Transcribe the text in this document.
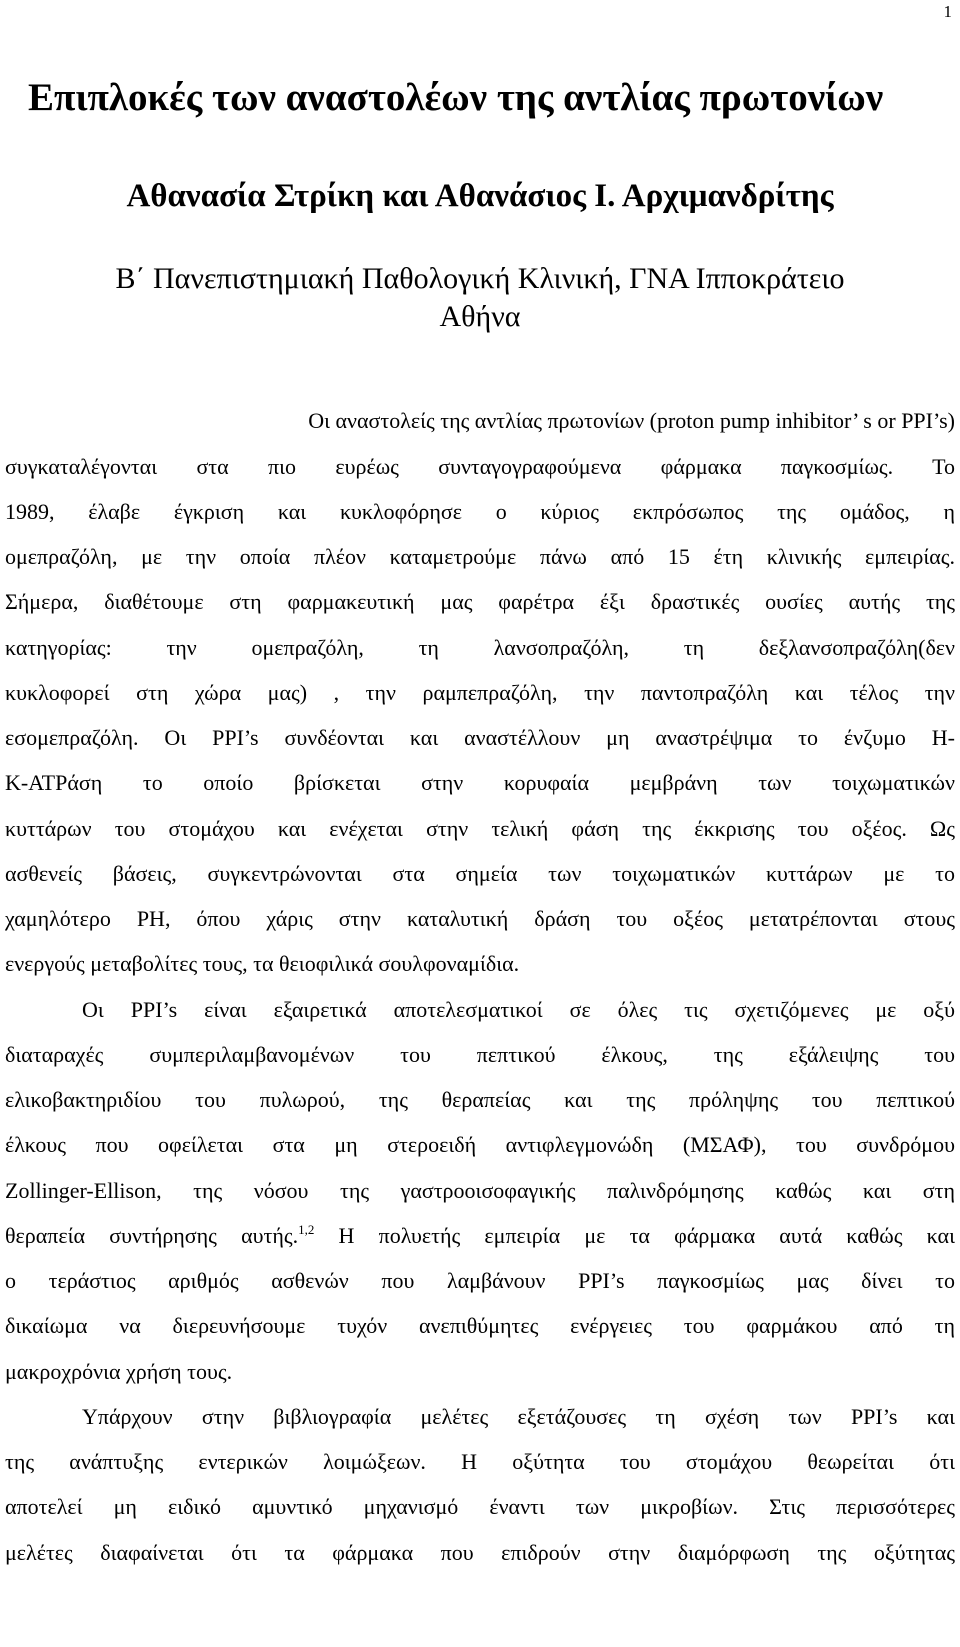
1
Επιπλοκές των αναστολέων της αντλίας πρωτονίων
Αθανασία Στρίκη και Αθανάσιος Ι. Αρχιμανδρίτης
Β΄ Πανεπιστημιακή Παθολογική Κλινική, ΓΝΑ Ιπποκράτειο
Αθήνα
Οι αναστολείς της αντλίας πρωτονίων (proton pump inhibitor’ s or PPI’s)
συγκαταλέγονται στα πιο ευρέως συνταγογραφούμενα φάρμακα παγκοσμίως. Το
1989, έλαβε έγκριση και κυκλοφόρησε ο κύριος εκπρόσωπος της ομάδος, η
ομεπραζόλη, με την οποία πλέον καταμετρούμε πάνω από 15 έτη κλινικής εμπειρίας.
Σήμερα, διαθέτουμε στη φαρμακευτική μας φαρέτρα έξι δραστικές ουσίες αυτής της
κατηγορίας: την ομεπραζόλη, τη λανσοπραζόλη, τη δεξλανσοπραζόλη(δεν
κυκλοφορεί στη χώρα μας) , την ραμπεπραζόλη, την παντοπραζόλη και τέλος την
εσομεπραζόλη. Οι PPI’s συνδέονται και αναστέλλουν μη αναστρέψιμα το ένζυμο Η-
Κ-ΑΤΡάση το οποίο βρίσκεται στην κορυφαία μεμβράνη των τοιχωματικών
κυττάρων του στομάχου και ενέχεται στην τελική φάση της έκκρισης του οξέος. Ως
ασθενείς βάσεις, συγκεντρώνονται στα σημεία των τοιχωματικών κυττάρων με το
χαμηλότερο PH, όπου χάρις στην καταλυτική δράση του οξέος μετατρέπονται στους
ενεργούς μεταβολίτες τους, τα θειοφιλικά σουλφοναμίδια.
Οι PPI’s είναι εξαιρετικά αποτελεσματικοί σε όλες τις σχετιζόμενες με οξύ
διαταραχές συμπεριλαμβανομένων του πεπτικού έλκους, της εξάλειψης του
ελικοβακτηριδίου του πυλωρού, της θεραπείας και της πρόληψης του πεπτικού
έλκους που οφείλεται στα μη στεροειδή αντιφλεγμονώδη (ΜΣΑΦ), του συνδρόμου
Zollinger-Ellison, της νόσου της γαστροοισοφαγικής παλινδρόμησης καθώς και στη
θεραπεία συντήρησης αυτής.$^{1,2}$ Η πολυετής εμπειρία με τα φάρμακα αυτά καθώς και
ο τεράστιος αριθμός ασθενών που λαμβάνουν PPI’s παγκοσμίως μας δίνει το
δικαίωμα να διερευνήσουμε τυχόν ανεπιθύμητες ενέργειες του φαρμάκου από τη
μακροχρόνια χρήση τους.
Υπάρχουν στην βιβλιογραφία μελέτες εξετάζουσες τη σχέση των PPI’s και
της ανάπτυξης εντερικών λοιμώξεων. Η οξύτητα του στομάχου θεωρείται ότι
αποτελεί μη ειδικό αμυντικό μηχανισμό έναντι των μικροβίων. Στις περισσότερες
μελέτες διαφαίνεται ότι τα φάρμακα που επιδρούν στην διαμόρφωση της οξύτητας
